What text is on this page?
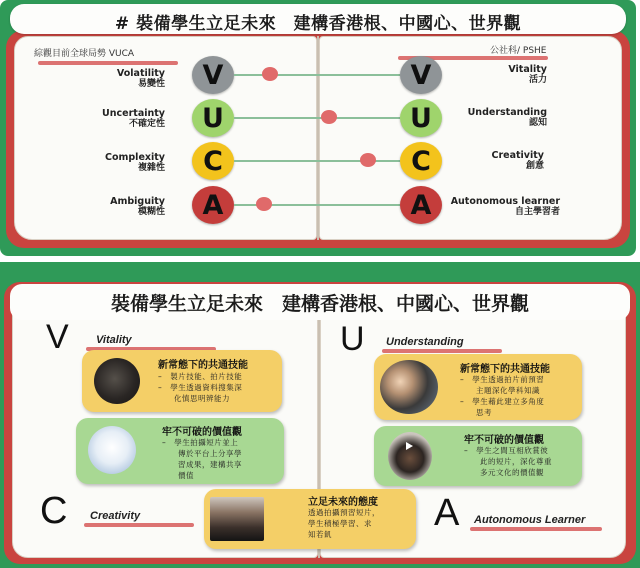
# 裝備學生立足未來　建構香港根、中國心、世界觀
綜觀目前全球局勢 VUCA	公社科/ PSHE
Volatility
易變性	V	V	Vitality
活力
Uncertainty
不確定性	U	U	Understanding
認知
Complexity
複雜性	C	C	Creativity
創意
Ambiguity
模糊性	A	A	Autonomous learner
自主學習者
裝備學生立足未來　建構香港根、中國心、世界觀
V Vitality
新常態下的共通技能
–　製片技能、拍片技能
–　學生透過資料搜集深
　　化慎思明辨能力
牢不可破的價值觀
–　學生拍攝短片並上
　　傳於平台上分享學
　　習成果，建構共享
　　價值
U Understanding
新常態下的共通技能
–　學生透過拍片前預習
　　主題深化學科知識
–　學生藉此建立多角度
　　思考
牢不可破的價值觀
–　學生之間互相欣賞彼
　　此的短片，深化尊重
　　多元文化的價值觀
C Creativity
立足未來的態度
透過拍攝預習短片，
學生積極學習、求
知若飢
A Autonomous Learner
